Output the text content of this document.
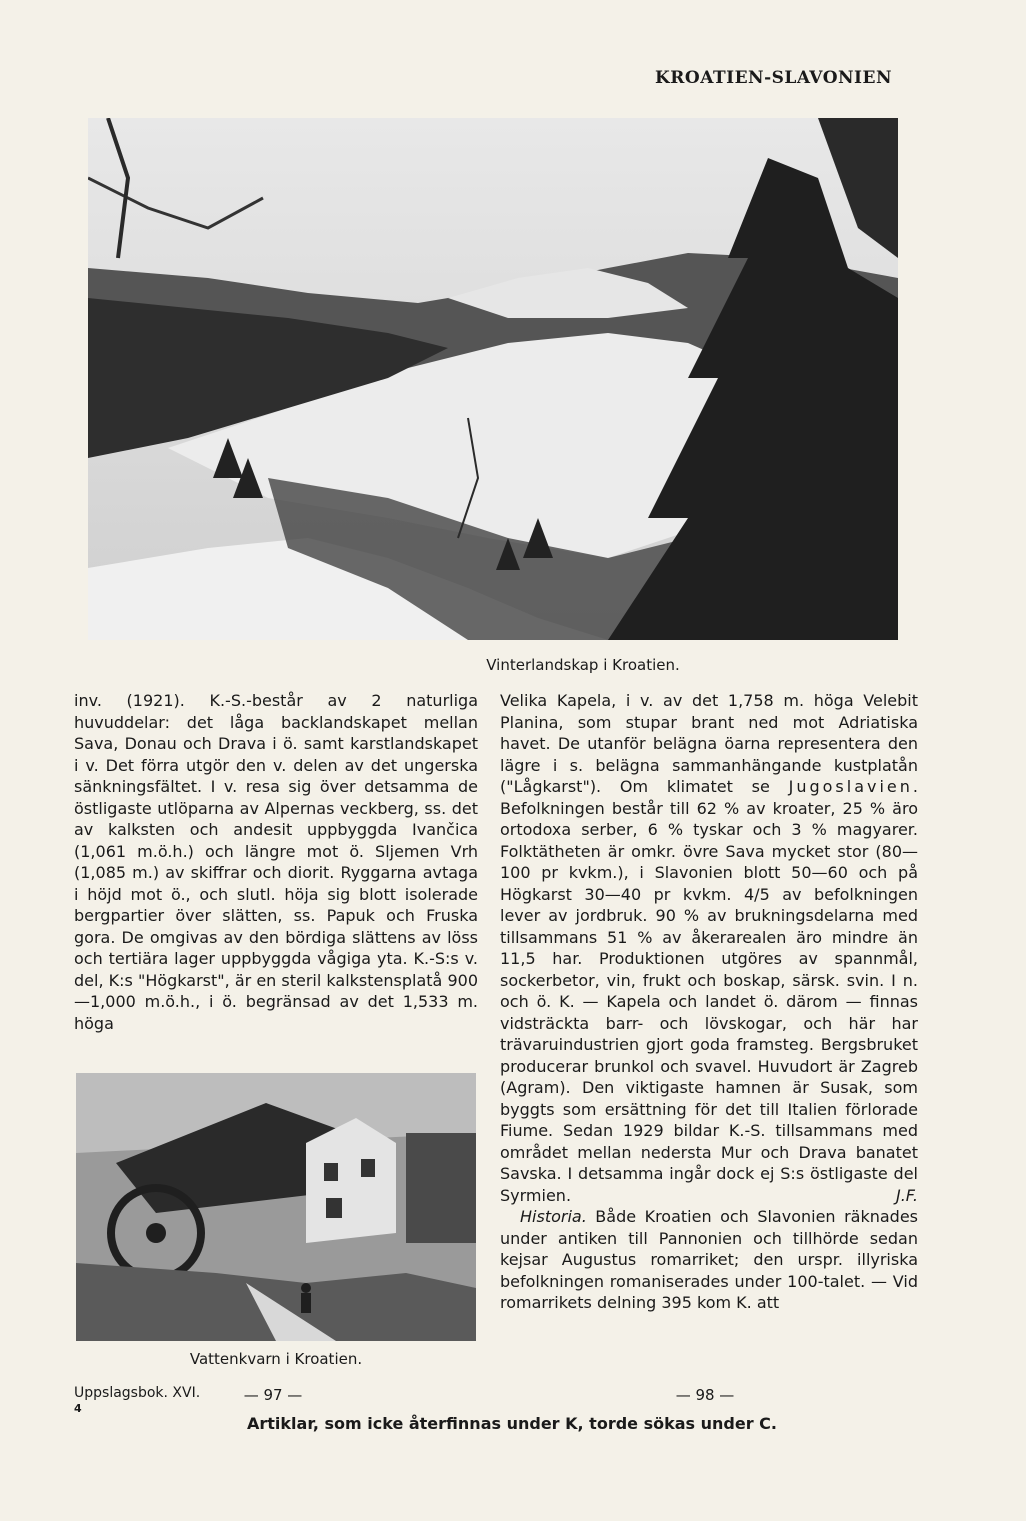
KROATIEN-SLAVONIEN
Vinterlandskap i Kroatien.

inv. (1921). K.-S.-består av 2 naturliga huvuddelar: det låga backlandskapet mellan Sava, Donau och Drava i ö. samt karstlandskapet i v. Det förra utgör den v. delen av det ungerska sänkningsfältet. I v. resa sig över detsamma de östligaste utlöparna av Alpernas veckberg, ss. det av kalksten och andesit uppbyggda Ivančica (1,061 m.ö.h.) och längre mot ö. Sljemen Vrh (1,085 m.) av skiffrar och diorit. Ryggarna avtaga i höjd mot ö., och slutl. höja sig blott isolerade bergpartier över slätten, ss. Papuk och Fruska gora. De omgivas av den bördiga slättens av löss och tertiära lager uppbyggda vågiga yta. K.-S:s v. del, K:s "Högkarst", är en steril kalkstensplatå 900—1,000 m.ö.h., i ö. begränsad av det 1,533 m. höga

Vattenkvarn i Kroatien.

Velika Kapela, i v. av det 1,758 m. höga Velebit Planina, som stupar brant ned mot Adriatiska havet. De utanför belägna öarna representera den lägre i s. belägna sammanhängande kustplatån ("Lågkarst"). Om klimatet se Jugoslavien. Befolkningen består till 62 % av kroater, 25 % äro ortodoxa serber, 6 % tyskar och 3 % magyarer. Folktätheten är omkr. övre Sava mycket stor (80—100 pr kvkm.), i Slavonien blott 50—60 och på Högkarst 30—40 pr kvkm. 4/5 av befolkningen lever av jordbruk. 90 % av brukningsdelarna med tillsammans 51 % av åkerarealen äro mindre än 11,5 har. Produktionen utgöres av spannmål, sockerbetor, vin, frukt och boskap, särsk. svin. I n. och ö. K. — Kapela och landet ö. därom — finnas vidsträckta barr- och lövskogar, och här har trävaruindustrien gjort goda framsteg. Bergsbruket producerar brunkol och svavel. Huvudort är Zagreb (Agram). Den viktigaste hamnen är Susak, som byggts som ersättning för det till Italien förlorade Fiume. Sedan 1929 bildar K.-S. tillsammans med området mellan nedersta Mur och Drava banatet Savska. I detsamma ingår dock ej S:s östligaste del Syrmien.	J.F.

Historia. Både Kroatien och Slavonien räknades under antiken till Pannonien och tillhörde sedan kejsar Augustus romarriket; den urspr. illyriska befolkningen romaniserades under 100-talet. — Vid romarrikets delning 395 kom K. att

Uppslagsbok. XVI.	— 97 —	— 98 —
4
Artiklar, som icke återfinnas under K, torde sökas under C.
